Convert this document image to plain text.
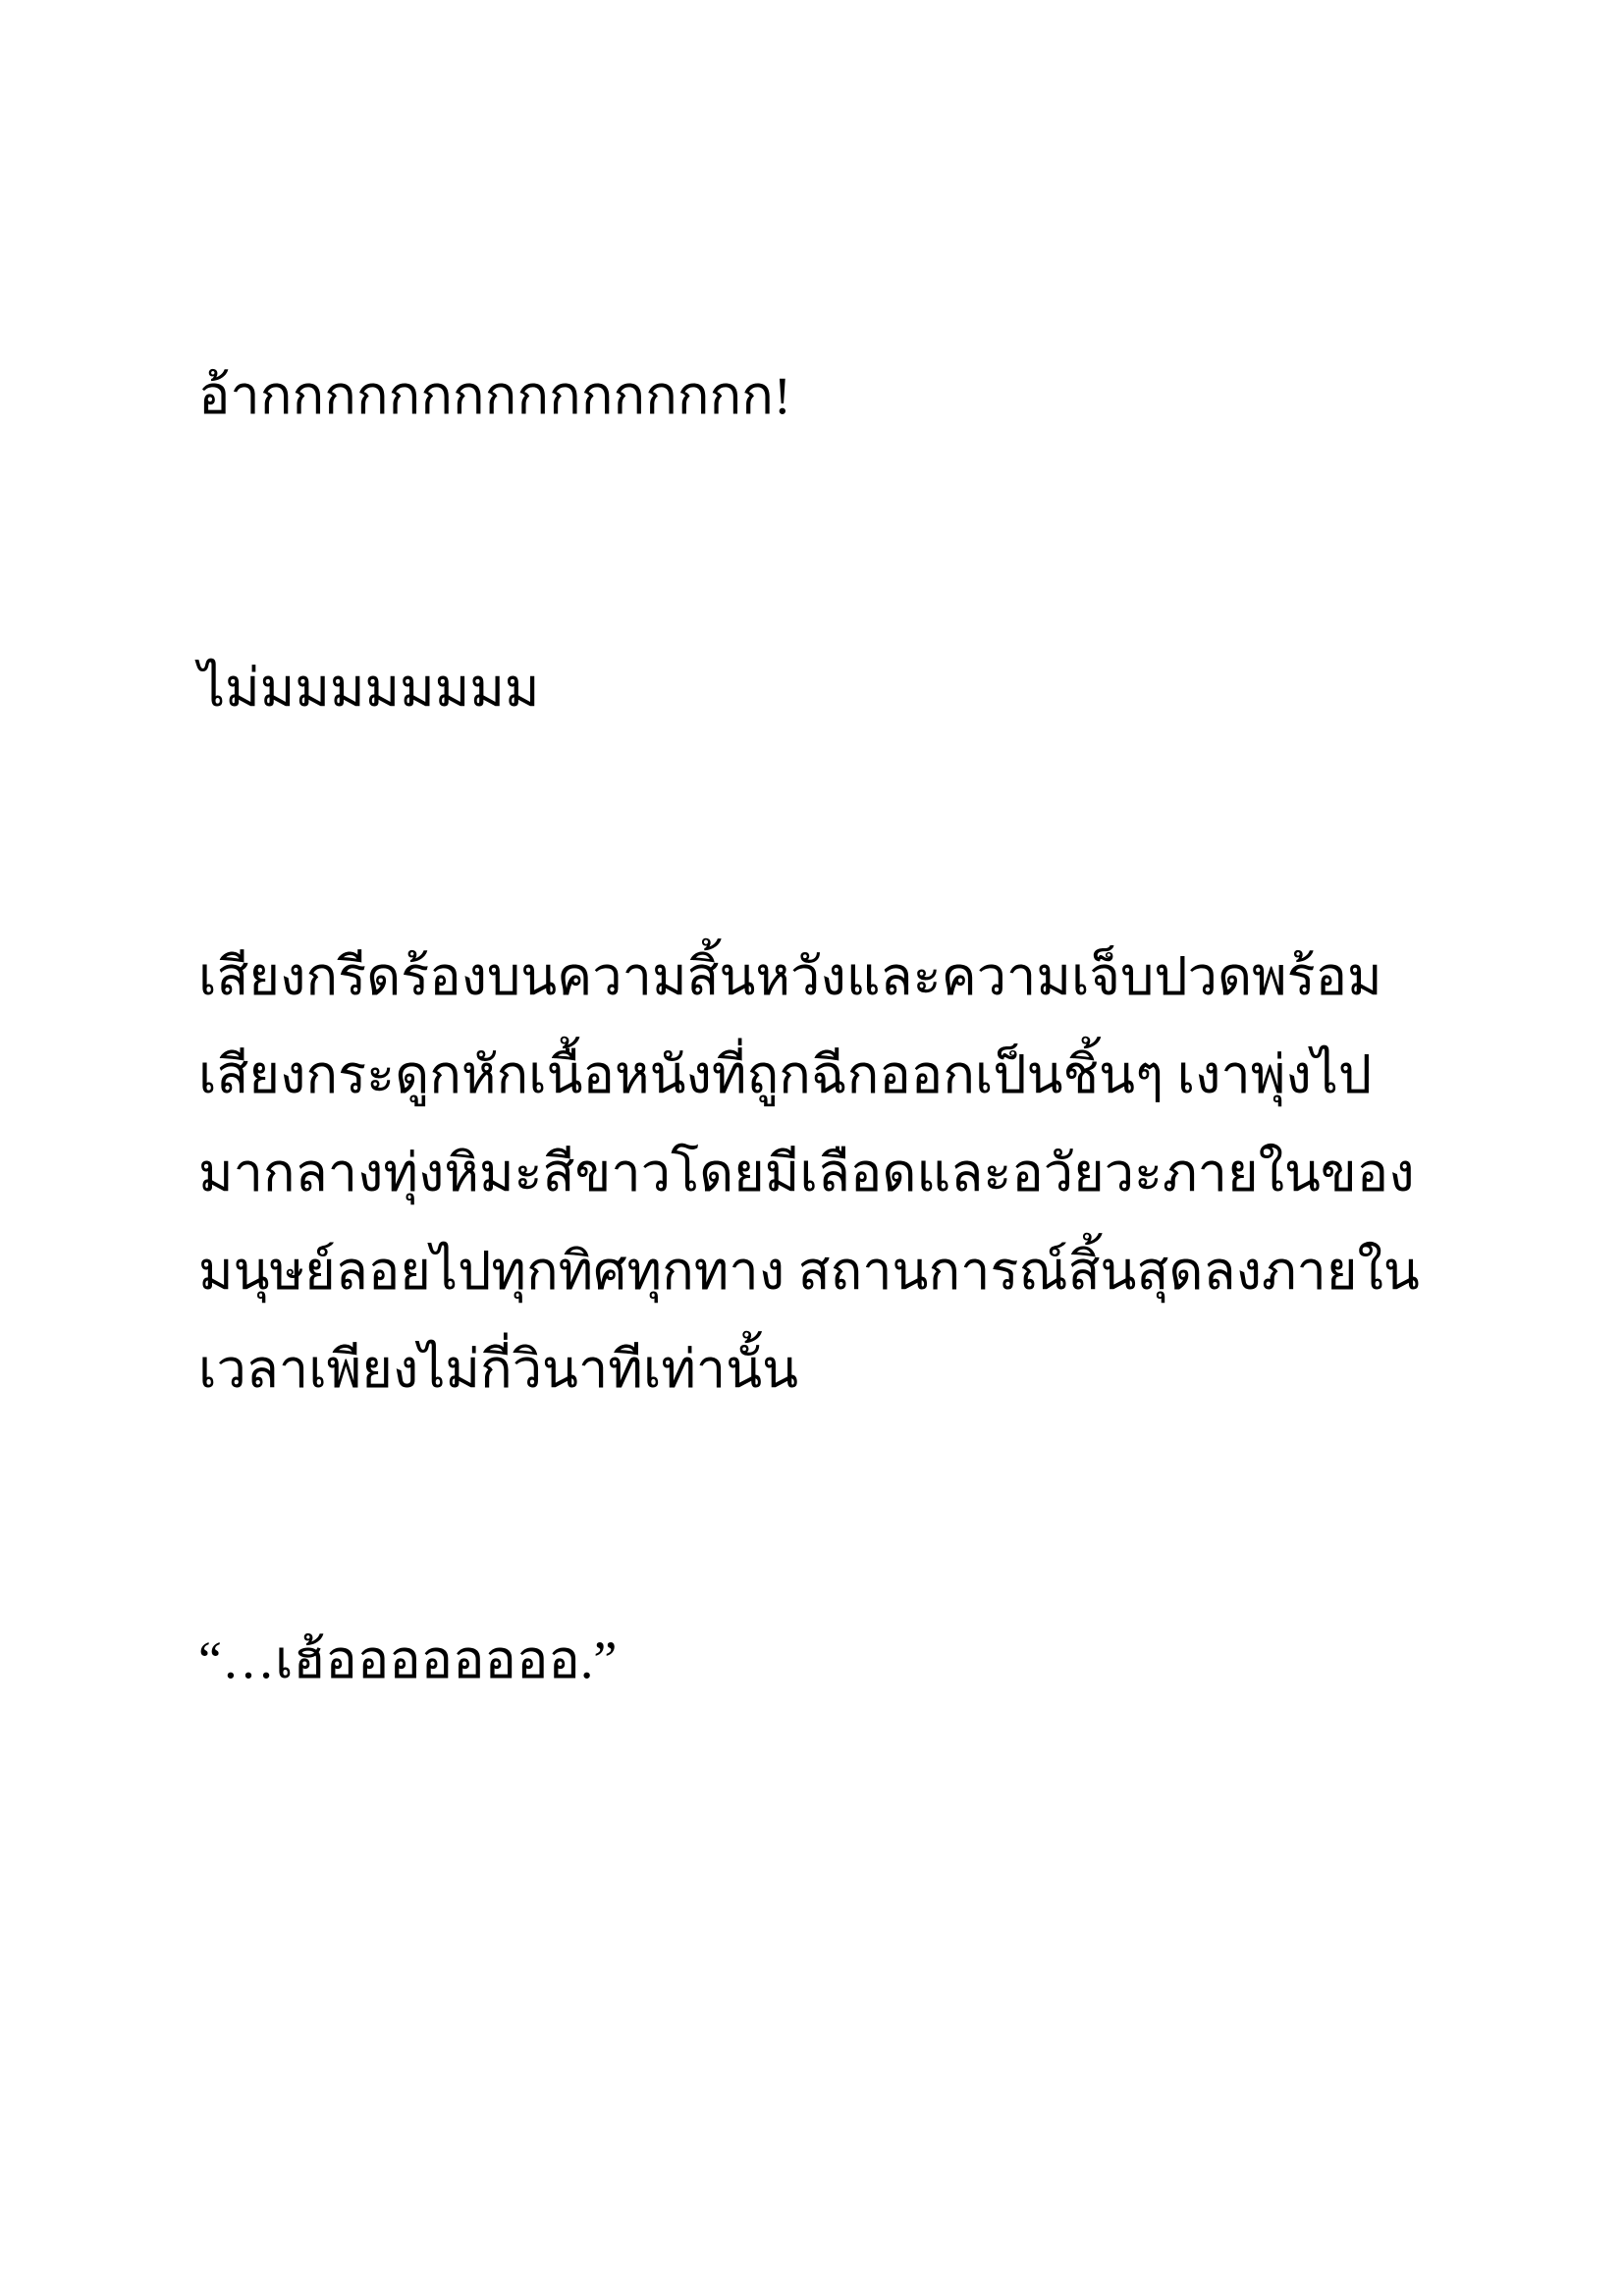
อ้ากกกกกกกกกกกกกกกก!

ไม่มมมมมมมม

เสียงกรีดร้องบนความสิ้นหวังและความเจ็บปวดพร้อม

เสียงกระดูกหักเนื้อหนังที่ถูกฉีกออกเป็นชิ้นๆ เงาพุ่งไป

มากลางทุ่งหิมะสีขาวโดยมีเลือดและอวัยวะภายในของ

มนุษย์ลอยไปทุกทิศทุกทาง สถานการณ์สิ้นสุดลงภายใน

เวลาเพียงไม่กี่วินาทีเท่านั้น

“…เฮ้ออออออออ.”
